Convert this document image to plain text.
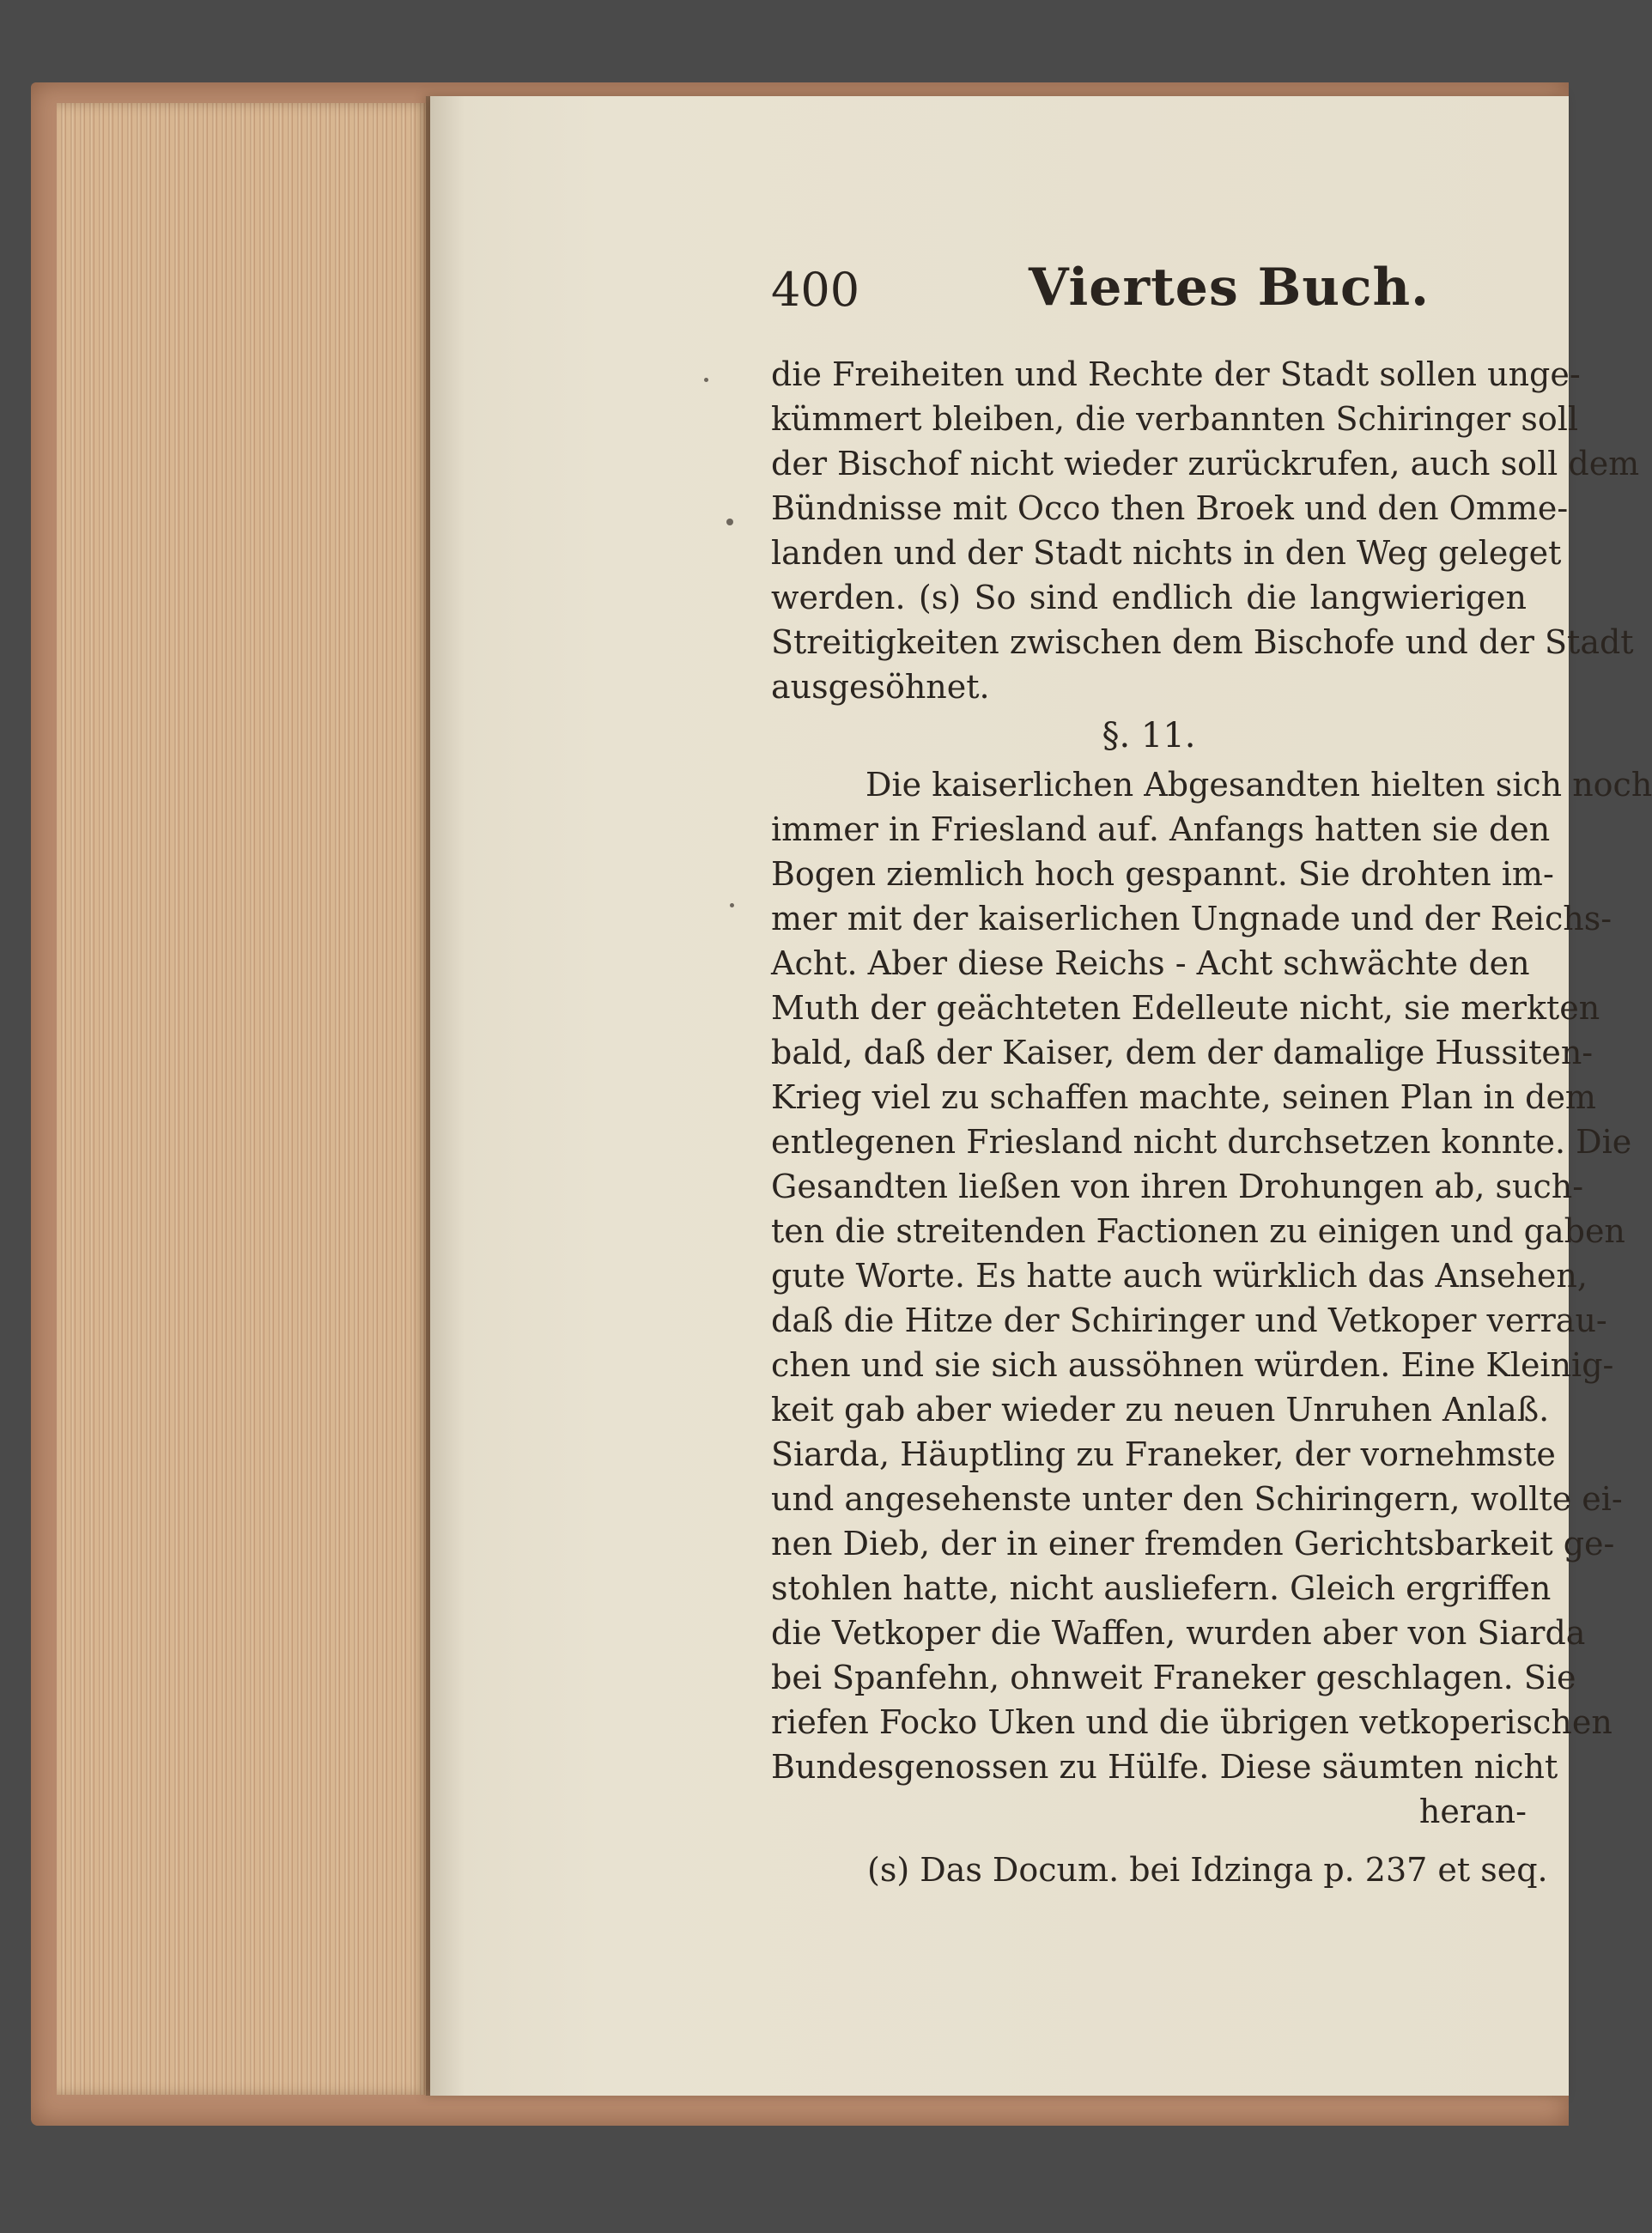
400	Viertes Buch.
die Freiheiten und Rechte der Stadt sollen unge-
kümmert bleiben, die verbannten Schiringer soll
der Bischof nicht wieder zurückrufen, auch soll dem
Bündnisse mit Occo then Broek und den Omme-
landen und der Stadt nichts in den Weg geleget
werden. (s) So sind endlich die langwierigen
Streitigkeiten zwischen dem Bischofe und der Stadt
ausgesöhnet.
§. 11.
Die kaiserlichen Abgesandten hielten sich noch
immer in Friesland auf. Anfangs hatten sie den
Bogen ziemlich hoch gespannt. Sie drohten im-
mer mit der kaiserlichen Ungnade und der Reichs-
Acht. Aber diese Reichs - Acht schwächte den
Muth der geächteten Edelleute nicht, sie merkten
bald, daß der Kaiser, dem der damalige Hussiten-
Krieg viel zu schaffen machte, seinen Plan in dem
entlegenen Friesland nicht durchsetzen konnte. Die
Gesandten ließen von ihren Drohungen ab, such-
ten die streitenden Factionen zu einigen und gaben
gute Worte. Es hatte auch würklich das Ansehen,
daß die Hitze der Schiringer und Vetkoper verrau-
chen und sie sich aussöhnen würden. Eine Kleinig-
keit gab aber wieder zu neuen Unruhen Anlaß.
Siarda, Häuptling zu Franeker, der vornehmste
und angesehenste unter den Schiringern, wollte ei-
nen Dieb, der in einer fremden Gerichtsbarkeit ge-
stohlen hatte, nicht ausliefern. Gleich ergriffen
die Vetkoper die Waffen, wurden aber von Siarda
bei Spanfehn, ohnweit Franeker geschlagen. Sie
riefen Focko Uken und die übrigen vetkoperischen
Bundesgenossen zu Hülfe. Diese säumten nicht
heran-
(s) Das Docum. bei Idzinga p. 237 et seq.
